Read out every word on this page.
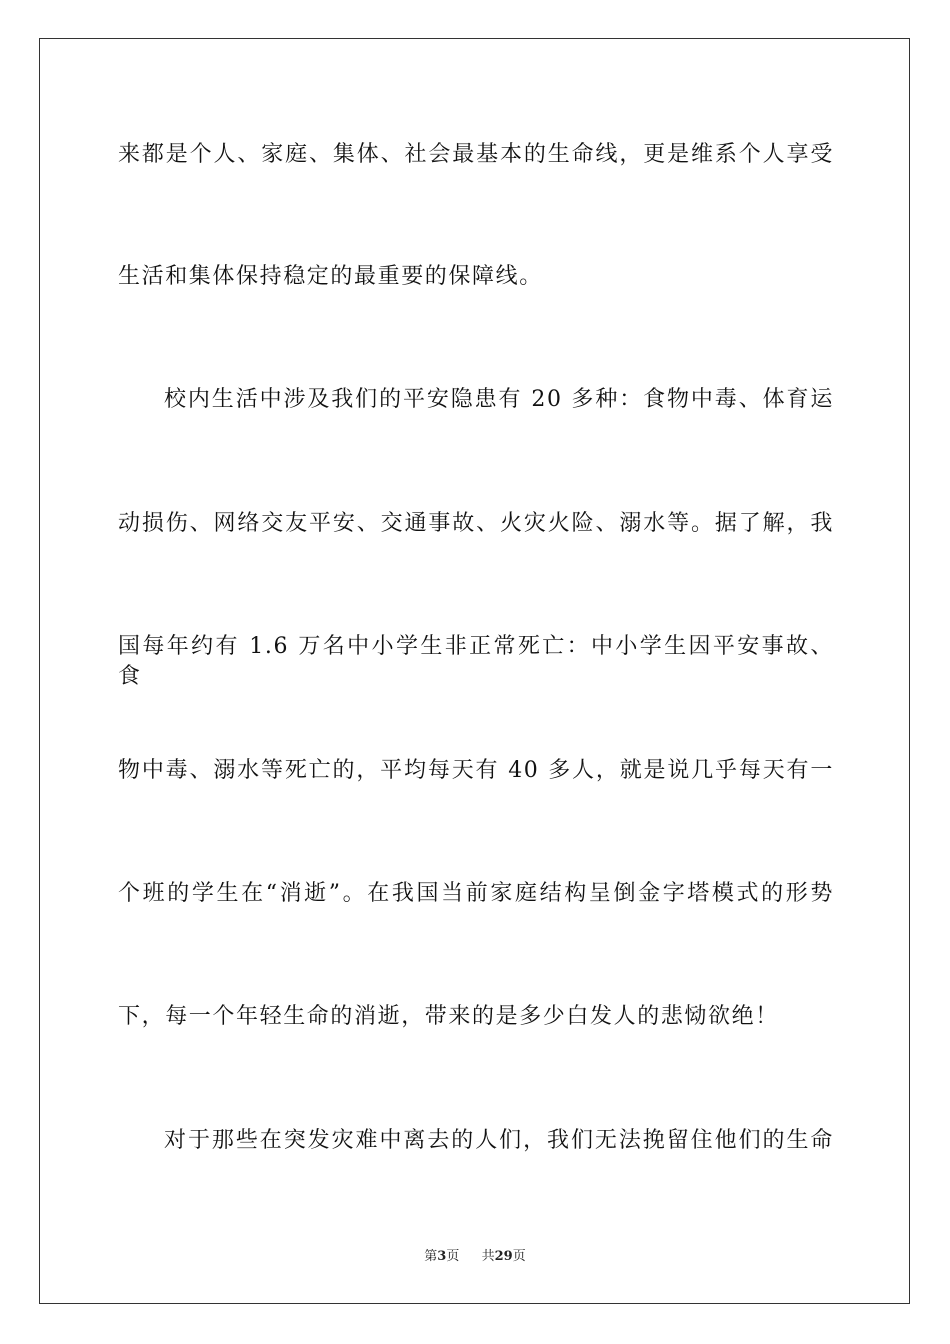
来都是个人、家庭、集体、社会最基本的生命线，更是维系个人享受
生活和集体保持稳定的最重要的保障线。
校内生活中涉及我们的平安隐患有 20 多种：食物中毒、体育运
动损伤、网络交友平安、交通事故、火灾火险、溺水等。据了解，我
国每年约有 1.6 万名中小学生非正常死亡：中小学生因平安事故、食
物中毒、溺水等死亡的，平均每天有 40 多人，就是说几乎每天有一
个班的学生在“消逝”。在我国当前家庭结构呈倒金字塔模式的形势
下，每一个年轻生命的消逝，带来的是多少白发人的悲恸欲绝！
对于那些在突发灾难中离去的人们，我们无法挽留住他们的生命
第3页 共29页
